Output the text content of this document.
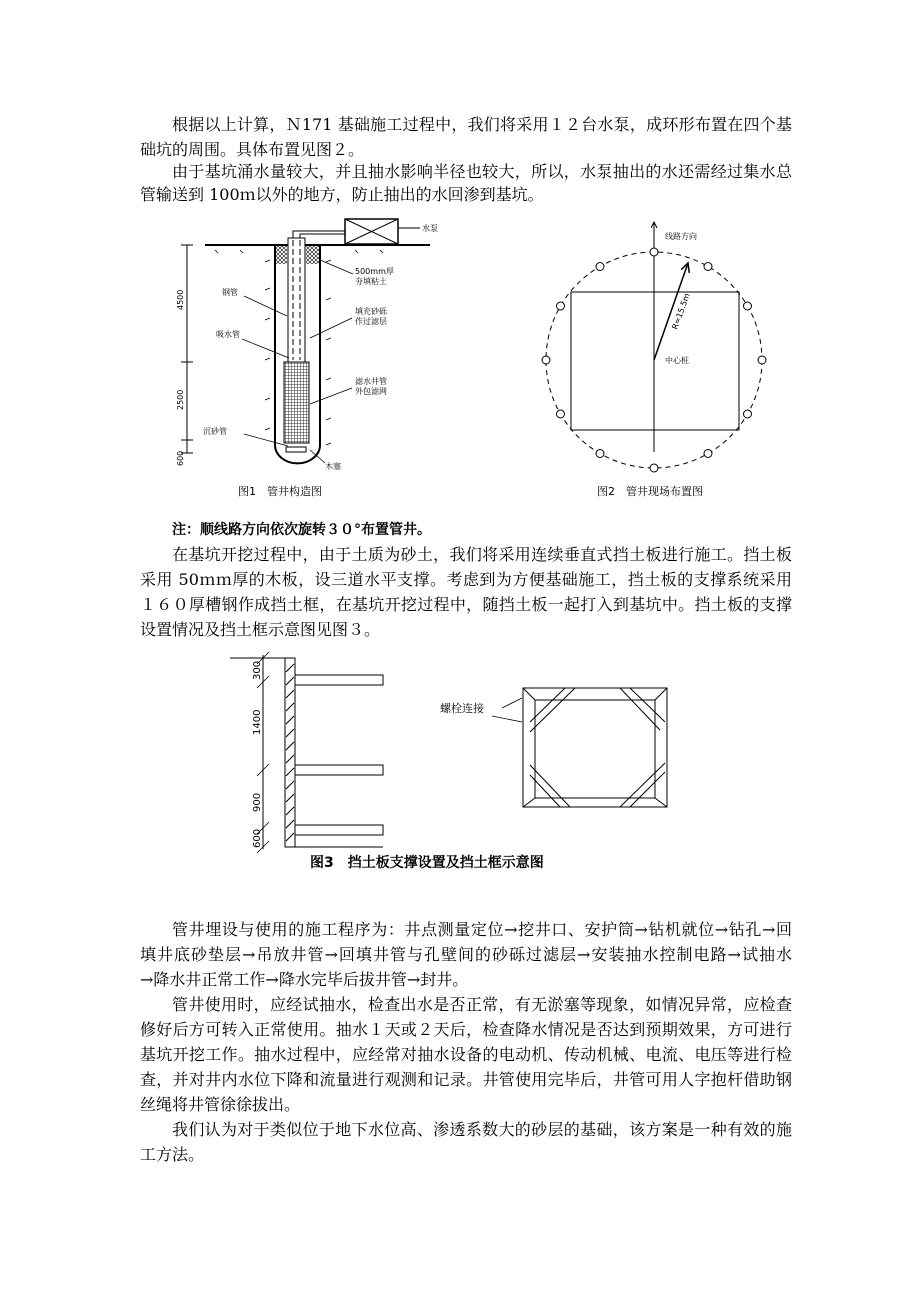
根据以上计算，Ｎ171 基础施工过程中，我们将采用１２台水泵，成环形布置在四个基
础坑的周围。具体布置见图２。
由于基坑涌水量较大，并且抽水影响半径也较大，所以，水泵抽出的水还需经过集水总
管输送到 100ｍ以外的地方，防止抽出的水回渗到基坑。
注：顺线路方向依次旋转３０°布置管井。
在基坑开挖过程中，由于土质为砂土，我们将采用连续垂直式挡土板进行施工。挡土板
采用 50ｍｍ厚的木板，设三道水平支撑。考虑到为方便基础施工，挡土板的支撑系统采用
１６０厚槽钢作成挡土框，在基坑开挖过程中，随挡土板一起打入到基坑中。挡土板的支撑
设置情况及挡土框示意图见图３。
管井埋设与使用的施工程序为：井点测量定位→挖井口、安护筒→钻机就位→钻孔→回
填井底砂垫层→吊放井管→回填井管与孔壁间的砂砾过滤层→安装抽水控制电路→试抽水
→降水井正常工作→降水完毕后拔井管→封井。
管井使用时，应经试抽水，检查出水是否正常，有无淤塞等现象，如情况异常，应检查
修好后方可转入正常使用。抽水１天或２天后，检查降水情况是否达到预期效果，方可进行
基坑开挖工作。抽水过程中，应经常对抽水设备的电动机、传动机械、电流、电压等进行检
查，并对井内水位下降和流量进行观测和记录。井管使用完毕后，井管可用人字抱杆借助钢
丝绳将井管徐徐拔出。
我们认为对于类似位于地下水位高、渗透系数大的砂层的基础，该方案是一种有效的施
工方法。
水泵
500mm厚
夯填粘土
钢管
填充砂砾
作过滤层
吸水管
滤水井管
外包滤网
沉砂管
木塞
4500
2500
600
图1　管井构造图
线路方向
R=15.5m
中心桩
图2　管井现场布置图
螺栓连接
300
1400
900
600
图3　挡土板支撑设置及挡土框示意图
